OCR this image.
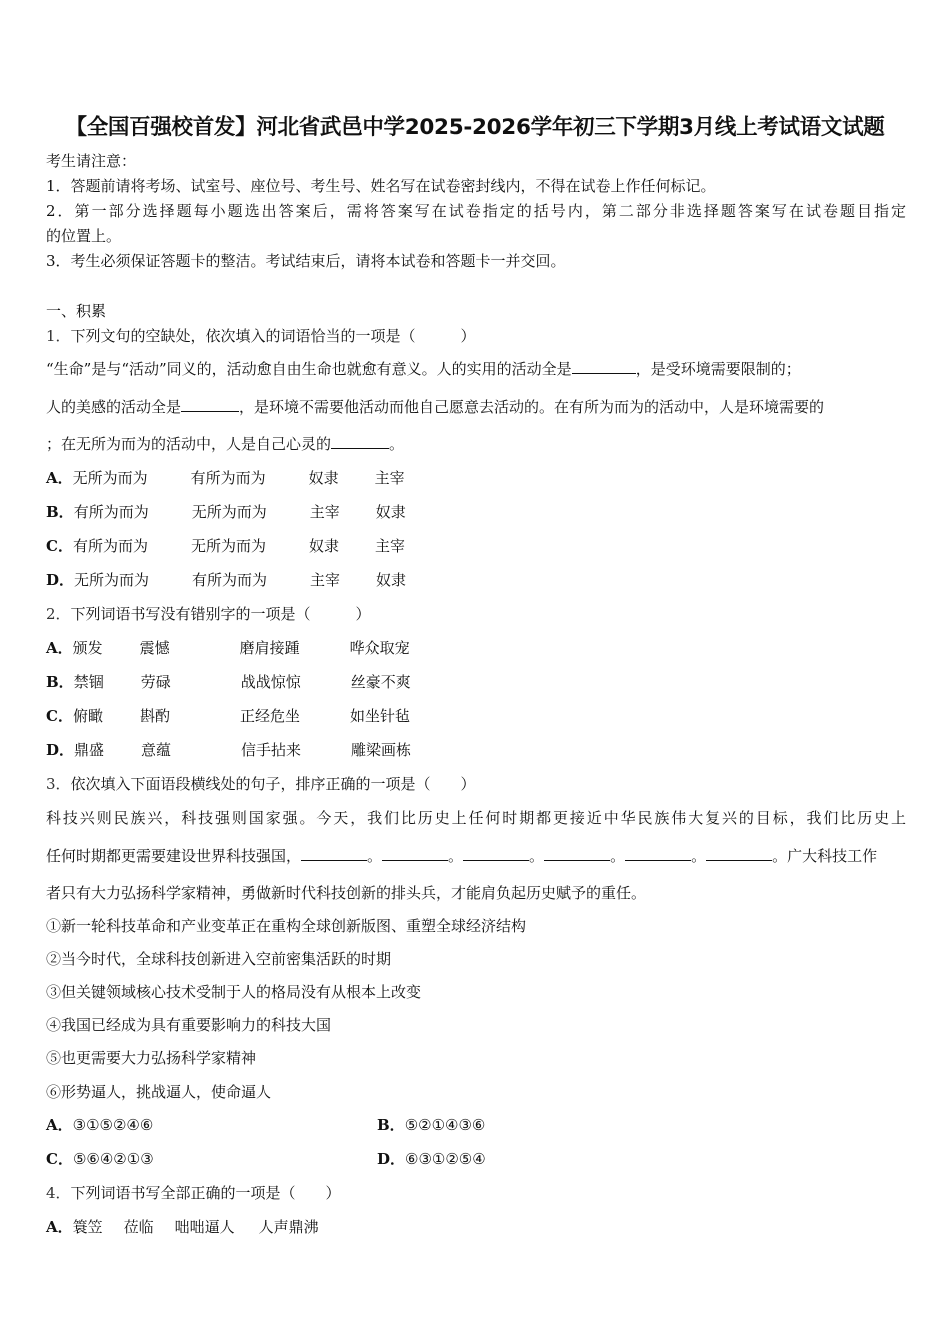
【全国百强校首发】河北省武邑中学2025-2026学年初三下学期3月线上考试语文试题
考生请注意：
1．答题前请将考场、试室号、座位号、考生号、姓名写在试卷密封线内，不得在试卷上作任何标记。
2．第一部分选择题每小题选出答案后，需将答案写在试卷指定的括号内，第二部分非选择题答案写在试卷题目指定
的位置上。
3．考生必须保证答题卡的整洁。考试结束后，请将本试卷和答题卡一并交回。
一、积累
1．下列文句的空缺处，依次填入的词语恰当的一项是（　　　）
“生命”是与“活动”同义的，活动愈自由生命也就愈有意义。人的实用的活动全是	，是受环境需要限制的；
人的美感的活动全是	，是环境不需要他活动而他自己愿意去活动的。在有所为而为的活动中，人是环境需要的
；在无所为而为的活动中，人是自己心灵的	。
A．无所为而为	有所为而为	奴隶 主宰
B．有所为而为	无所为而为	主宰 奴隶
C．有所为而为	无所为而为	奴隶 主宰
D．无所为而为	有所为而为	主宰 奴隶
2．下列词语书写没有错别字的一项是（　　　）
A．颁发 震憾	磨肩接踵	哗众取宠
B．禁锢 劳碌	战战惊惊	丝豪不爽
C．俯瞰 斟酌	正经危坐	如坐针毡
D．鼎盛 意蕴	信手拈来	雕梁画栋
3．依次填入下面语段横线处的句子，排序正确的一项是（　　）
科技兴则民族兴，科技强则国家强。今天，我们比历史上任何时期都更接近中华民族伟大复兴的目标，我们比历史上
任何时期都更需要建设世界科技强国，	。	。	。	。	。	。广大科技工作
者只有大力弘扬科学家精神，勇做新时代科技创新的排头兵，才能肩负起历史赋予的重任。
①新一轮科技革命和产业变革正在重构全球创新版图、重塑全球经济结构
②当今时代，全球科技创新进入空前密集活跃的时期
③但关键领域核心技术受制于人的格局没有从根本上改变
④我国已经成为具有重要影响力的科技大国
⑤也更需要大力弘扬科学家精神
⑥形势逼人，挑战逼人，使命逼人
A．③①⑤②④⑥	B．⑤②①④③⑥
C．⑤⑥④②①③	D．⑥③①②⑤④
4．下列词语书写全部正确的一项是（　　）
A．簑笠 莅临 咄咄逼人 人声鼎沸
